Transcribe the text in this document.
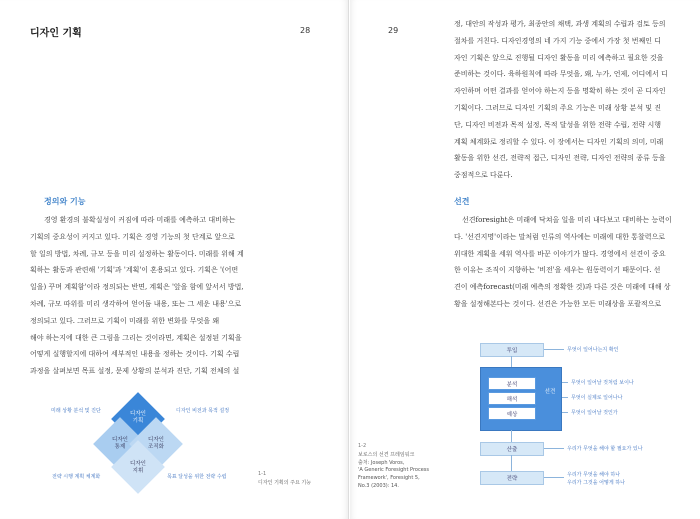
디자인 기획	28
정의와 기능
경영 환경의 불확실성이 커짐에 따라 미래를 예측하고 대비하는
기획의 중요성이 커지고 있다. 기획은 경영 기능의 첫 단계로 앞으로
할 일의 방법, 차례, 규모 등을 미리 설정하는 활동이다. 미래를 위해 계
획하는 활동과 관련해 '기획'과 '계획'이 혼용되고 있다. 기획은 '(어떤
일을) 꾸며 계획함'이라 정의되는 반면, 계획은 '앞을 함에 앞서서 방법,
차례, 규모 따위를 미리 생각하여 얻어둠 내용, 또는 그 세운 내용'으로
정의되고 있다. 그러므로 기획이 미래를 위한 변화를 무엇을 왜
해야 하는지에 대한 큰 그림을 그리는 것이라면, 계획은 설정된 기획을
어떻게 실행할지에 대하여 세부적인 내용을 정하는 것이다. 기획 수립
과정을 살펴보면 목표 설정, 문제 상황의 분석과 진단, 기획 전체의 설
디자인
기획
디자인
통제
디자인
조직화
디자인
지휘
미래 상황 분석 및 진단	디자인 비전과 목적 설정
전략 시행 계획 체계화	목표 달성을 위한 전략 수립	1-1
디자인 기획의 주요 기능
29
정, 대안의 작성과 평가, 최종안의 채택, 과생 계획의 수립과 검토 등의
절차를 거친다. 디자인경영의 네 가지 기능 중에서 가장 첫 번째인 디
자인 기획은 앞으로 진행될 디자인 활동을 미리 예측하고 필요한 것을
준비하는 것이다. 육하원칙에 따라 무엇을, 왜, 누가, 언제, 어디에서 디
자인하며 어떤 결과를 얻어야 하는지 등을 명확히 하는 것이 곧 디자인
기획이다. 그러므로 디자인 기획의 주요 기능은 미래 상황 분석 및 진
단, 디자인 비전과 목적 설정, 목적 달성을 위한 전략 수립, 전략 시행
계획 체계화로 정리할 수 있다. 이 장에서는 디자인 기획의 의미, 미래
활동을 위한 선견, 전략적 접근, 디자인 전략, 디자인 전략의 종류 등을
중점적으로 다룬다.
선견
선견foresight은 미래에 닥쳐올 일을 미리 내다보고 대비하는 능력이
다. '선견지명'이라는 말처럼 인류의 역사에는 미래에 대한 통찰력으로
위대한 계획을 세워 역사를 바꾼 이야기가 많다. 경영에서 선견이 중요
한 이유는 조직이 지향하는 '비전'을 세우는 원동력이기 때문이다. 선
견이 예측forecast(미래 예측의 정확한 것)과 다른 것은 미래에 대해 상
황을 설정해본다는 것이다. 선견은 가능한 모든 미래상을 포괄적으로
1-2
보로스의 선견 프레임워크
출처: Joseph Voros,
'A Generic Foresight Process
Framework', Foresight 5,
No.3 (2003): 14.
투입
분석
해석
예상
선견
산출
전략
무엇이 일어나는지 확인
무엇이 일어날 것처럼 보이나
무엇이 실제로 일어나나
무엇이 일어날 것인가
우리가 무엇을 해야 할 필요가 있나
우리가 무엇을 해야 하나
우리가 그것을 어떻게 하나
